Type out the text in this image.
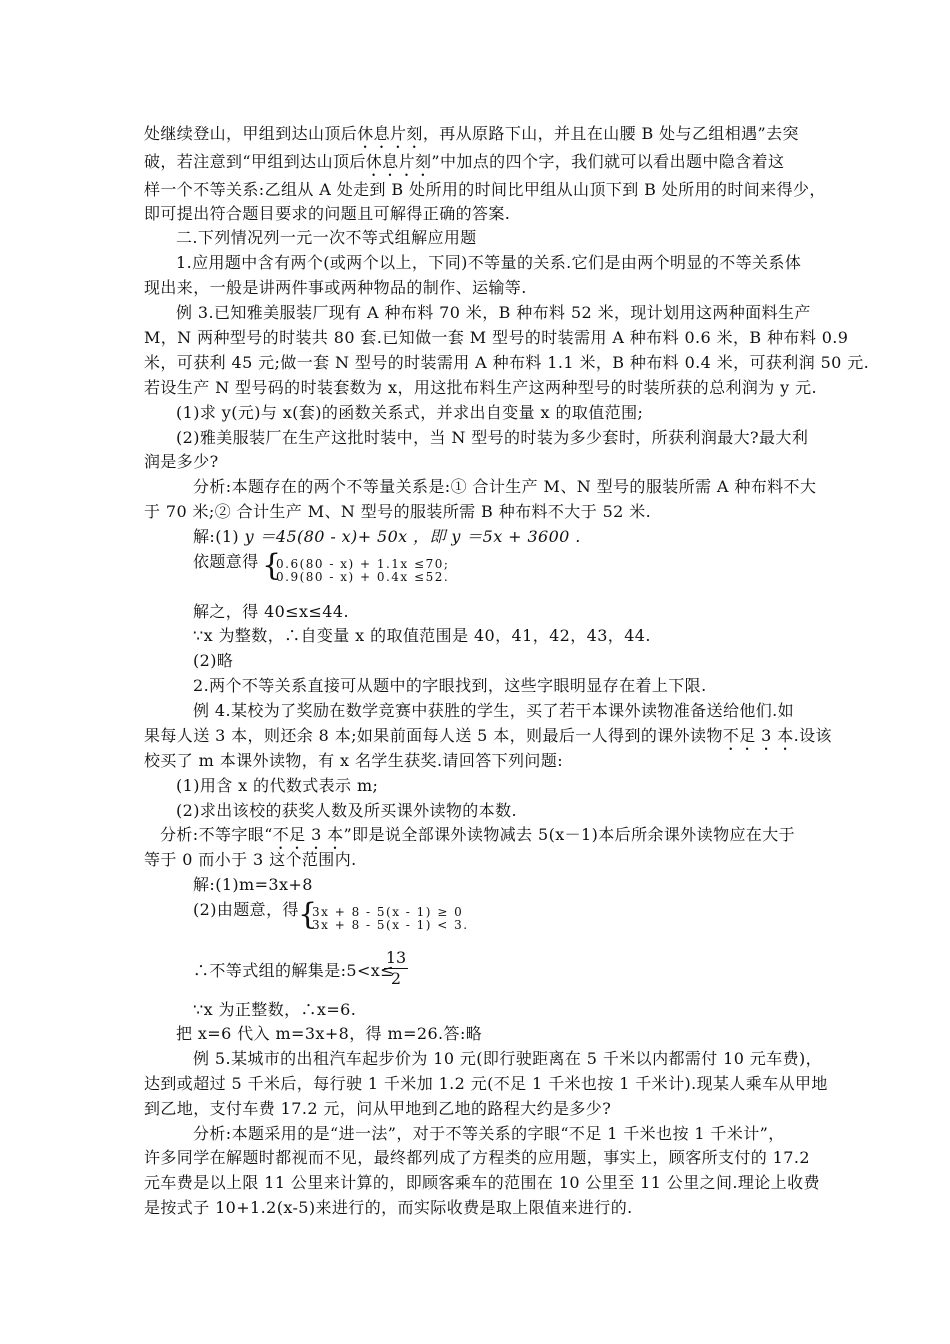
处继续登山，甲组到达山顶后休息片刻，再从原路下山，并且在山腰 B 处与乙组相遇”去突
破，若注意到“甲组到达山顶后休息片刻”中加点的四个字，我们就可以看出题中隐含着这
样一个不等关系:乙组从 A 处走到 B 处所用的时间比甲组从山顶下到 B 处所用的时间来得少，
即可提出符合题目要求的问题且可解得正确的答案.
二.下列情况列一元一次不等式组解应用题
1.应用题中含有两个(或两个以上，下同)不等量的关系.它们是由两个明显的不等关系体
现出来，一般是讲两件事或两种物品的制作、运输等.
例 3.已知雅美服装厂现有 A 种布料 70 米，B 种布料 52 米，现计划用这两种面料生产
M，N 两种型号的时装共 80 套.已知做一套 M 型号的时装需用 A 种布料 0.6 米，B 种布料 0.9
米，可获利 45 元;做一套 N 型号的时装需用 A 种布料 1.1 米，B 种布料 0.4 米，可获利润 50 元.
若设生产 N 型号码的时装套数为 x，用这批布料生产这两种型号的时装所获的总利润为 y 元.
(1)求 y(元)与 x(套)的函数关系式，并求出自变量 x 的取值范围;
(2)雅美服装厂在生产这批时装中，当 N 型号的时装为多少套时，所获利润最大?最大利
润是多少?
分析:本题存在的两个不等量关系是:① 合计生产 M、N 型号的服装所需 A 种布料不大
于 70 米;② 合计生产 M、N 型号的服装所需 B 种布料不大于 52 米.
解:(1) y ＝45(80 - x)+ 50x ，即 y ＝5x + 3600 .
依题意得 {
0.6(80 - x) + 1.1x ≤70;
0.9(80 - x) + 0.4x ≤52.
解之，得 40≤x≤44.
∵x 为整数，∴自变量 x 的取值范围是 40，41，42，43，44.
(2)略
2.两个不等关系直接可从题中的字眼找到，这些字眼明显存在着上下限.
例 4.某校为了奖励在数学竞赛中获胜的学生，买了若干本课外读物准备送给他们.如
果每人送 3 本，则还余 8 本;如果前面每人送 5 本，则最后一人得到的课外读物不足 3 本.设该
校买了 m 本课外读物，有 x 名学生获奖.请回答下列问题:
(1)用含 x 的代数式表示 m;
(2)求出该校的获奖人数及所买课外读物的本数.
分析:不等字眼“不足 3 本”即是说全部课外读物减去 5(x－1)本后所余课外读物应在大于
等于 0 而小于 3 这个范围内.
解:(1)m=3x+8
(2)由题意，得 {
3x + 8 - 5(x - 1) ≥ 0
3x + 8 - 5(x - 1) < 3.
∴不等式组的解集是:5<x≤
13
2
∵x 为正整数，∴x=6.
把 x=6 代入 m=3x+8，得 m=26.答:略
例 5.某城市的出租汽车起步价为 10 元(即行驶距离在 5 千米以内都需付 10 元车费)，
达到或超过 5 千米后，每行驶 1 千米加 1.2 元(不足 1 千米也按 1 千米计).现某人乘车从甲地
到乙地，支付车费 17.2 元，问从甲地到乙地的路程大约是多少?
分析:本题采用的是“进一法”，对于不等关系的字眼“不足 1 千米也按 1 千米计”，
许多同学在解题时都视而不见，最终都列成了方程类的应用题，事实上，顾客所支付的 17.2
元车费是以上限 11 公里来计算的，即顾客乘车的范围在 10 公里至 11 公里之间.理论上收费
是按式子 10+1.2(x-5)来进行的，而实际收费是取上限值来进行的.
